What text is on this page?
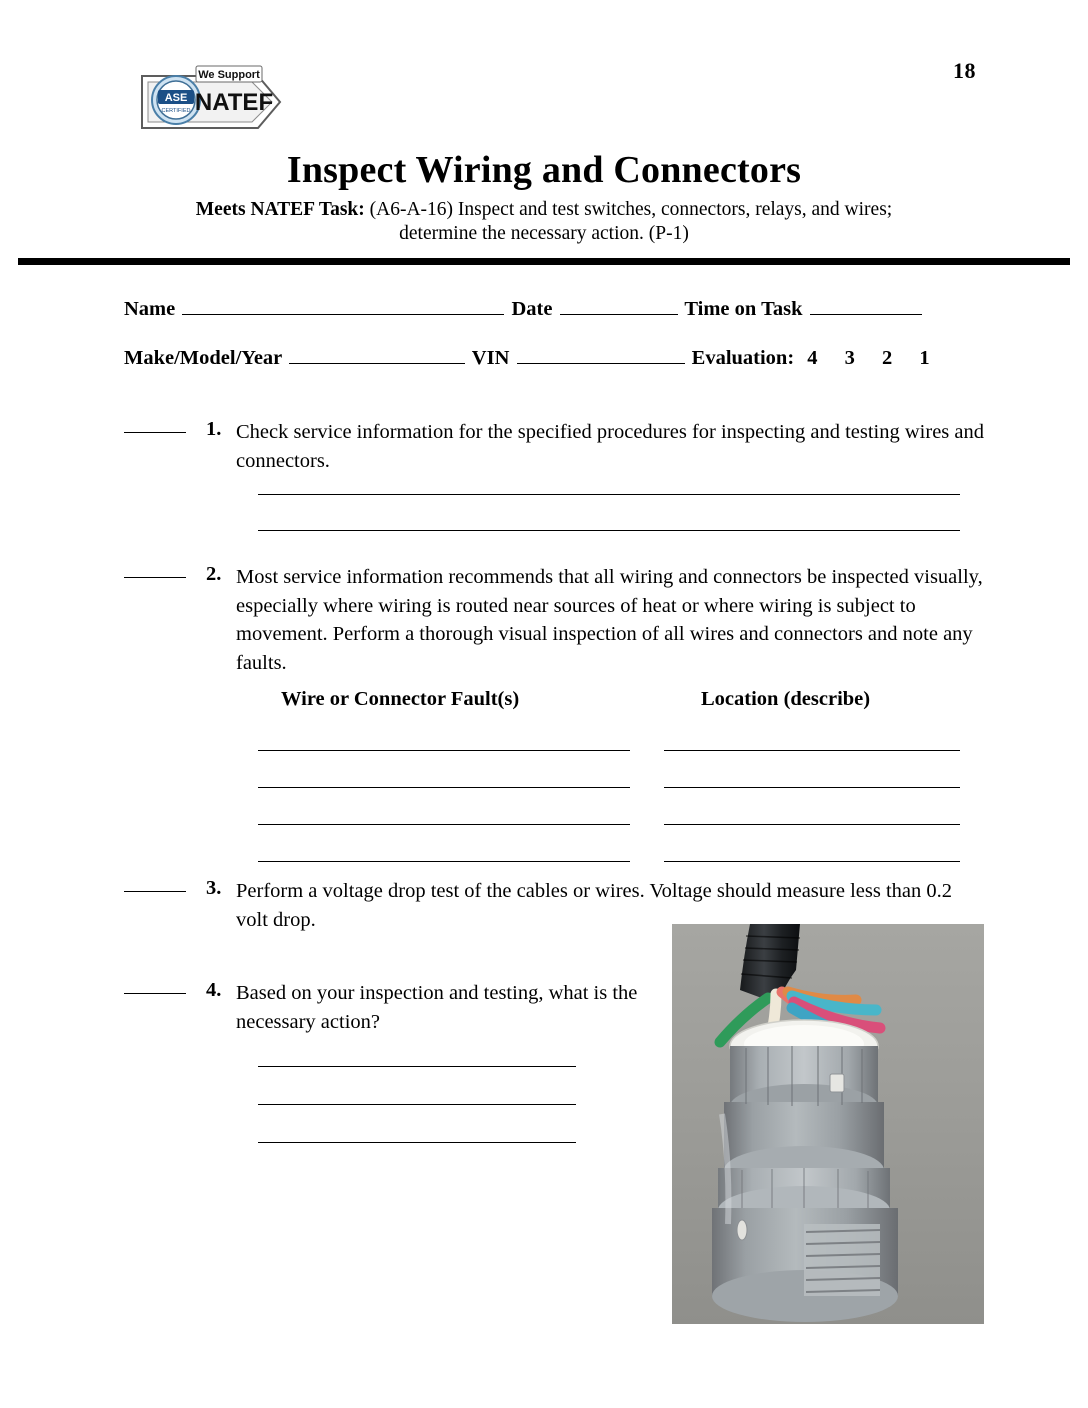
18
ASE
CERTIFIED
We Support
NATEF
Inspect Wiring and Connectors
Meets NATEF Task: (A6-A-16) Inspect and test switches, connectors, relays, and wires;
determine the necessary action. (P-1)
Name	Date	Time on Task
Make/Model/Year	VIN	Evaluation: 4 3 2 1
1. Check service information for the specified procedures for inspecting and testing wires and connectors.
2. Most service information recommends that all wiring and connectors be inspected visually, especially where wiring is routed near sources of heat or where wiring is subject to movement. Perform a thorough visual inspection of all wires and connectors and note any faults.
Wire or Connector Fault(s)	Location (describe)
3. Perform a voltage drop test of the cables or wires. Voltage should measure less than 0.2 volt drop.
4. Based on your inspection and testing, what is the necessary action?
